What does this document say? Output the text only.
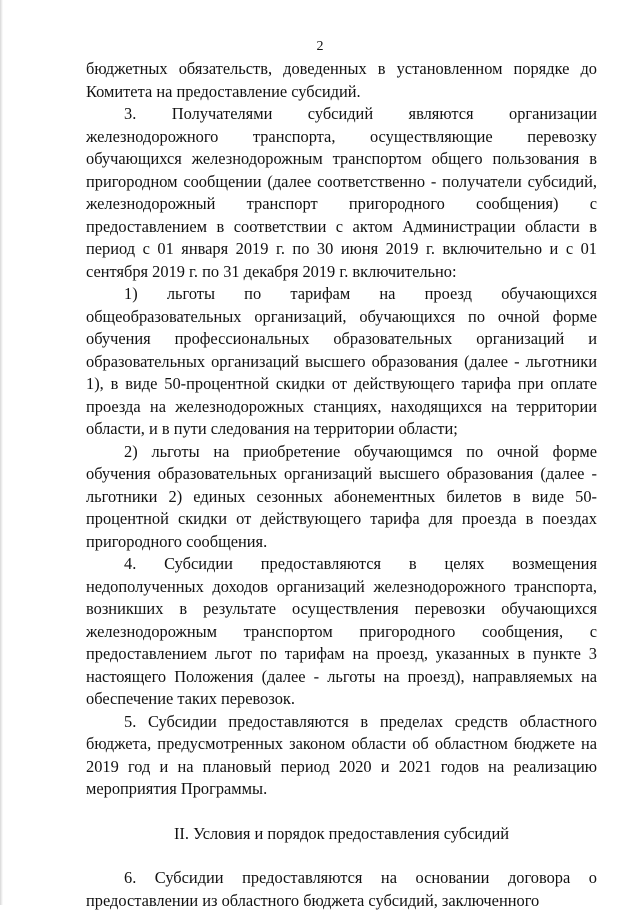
2

бюджетных обязательств, доведенных в установленном порядке до Комитета на предоставление субсидий.

3. Получателями субсидий являются организации железнодорожного транспорта, осуществляющие перевозку обучающихся железнодорожным транспортом общего пользования в пригородном сообщении (далее соответственно - получатели субсидий, железнодорожный транспорт пригородного сообщения) с предоставлением в соответствии с актом Администрации области в период с 01 января 2019 г. по 30 июня 2019 г. включительно и с 01 сентября 2019 г. по 31 декабря 2019 г. включительно:

1) льготы по тарифам на проезд обучающихся общеобразовательных организаций, обучающихся по очной форме обучения профессиональных образовательных организаций и образовательных организаций высшего образования (далее - льготники 1), в виде 50-процентной скидки от действующего тарифа при оплате проезда на железнодорожных станциях, находящихся на территории области, и в пути следования на территории области;

2) льготы на приобретение обучающимся по очной форме обучения образовательных организаций высшего образования (далее - льготники 2) единых сезонных абонементных билетов в виде 50-процентной скидки от действующего тарифа для проезда в поездах пригородного сообщения.

4. Субсидии предоставляются в целях возмещения недополученных доходов организаций железнодорожного транспорта, возникших в результате осуществления перевозки обучающихся железнодорожным транспортом пригородного сообщения, с предоставлением льгот по тарифам на проезд, указанных в пункте 3 настоящего Положения (далее - льготы на проезд), направляемых на обеспечение таких перевозок.

5. Субсидии предоставляются в пределах средств областного бюджета, предусмотренных законом области об областном бюджете на 2019 год и на плановый период 2020 и 2021 годов на реализацию мероприятия Программы.

II. Условия и порядок предоставления субсидий

6. Субсидии предоставляются на основании договора о предоставлении из областного бюджета субсидий, заключенного
